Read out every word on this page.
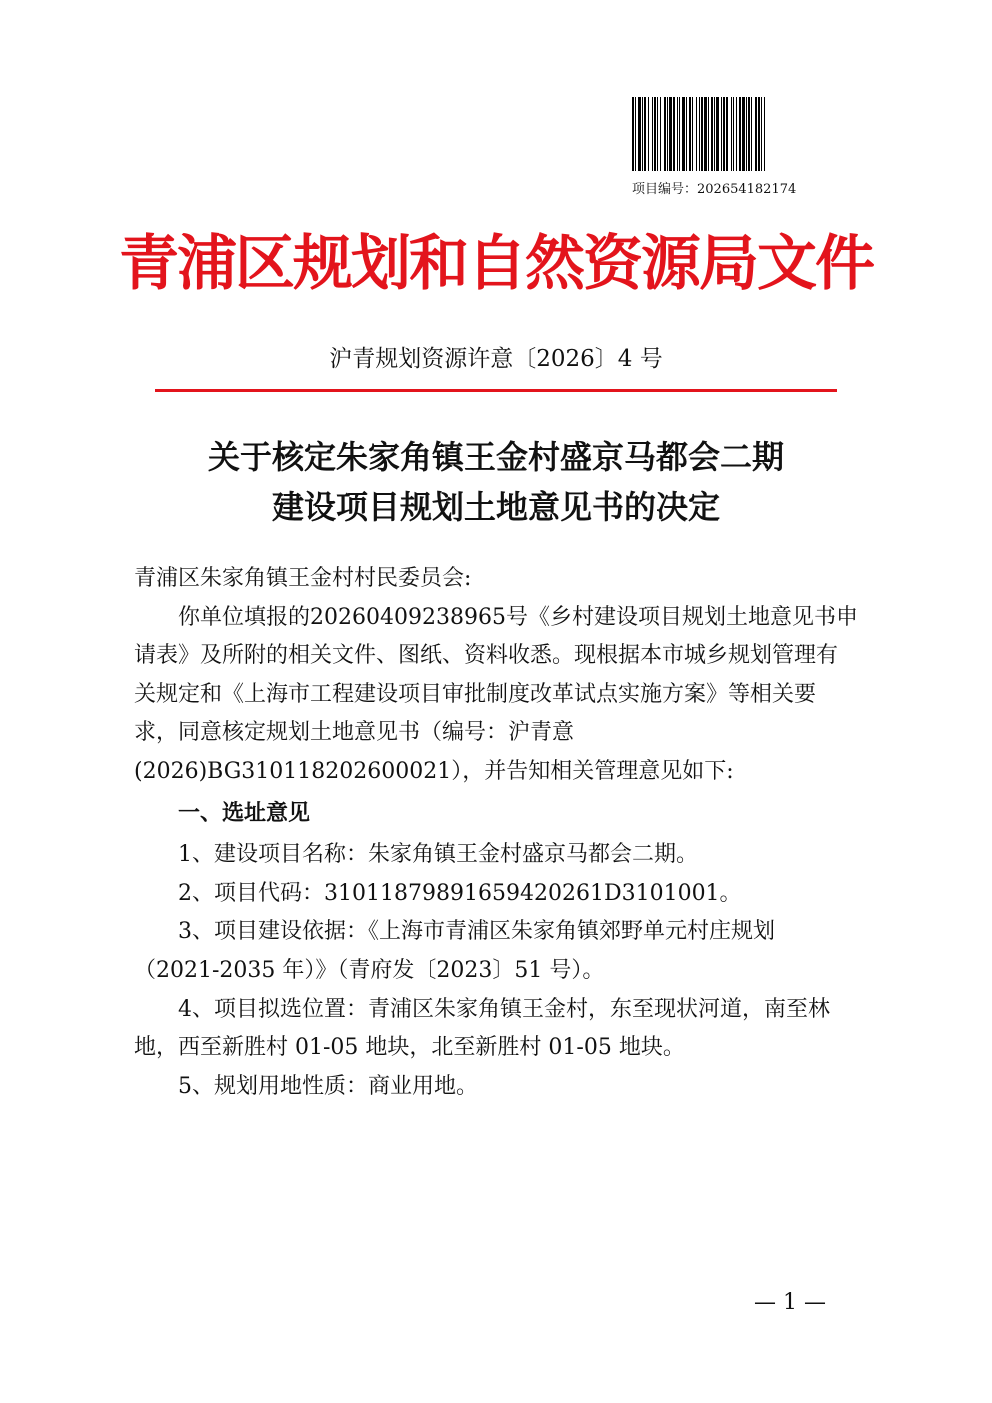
项目编号：202654182174
青浦区规划和自然资源局文件
沪青规划资源许意〔2026〕4 号
关于核定朱家角镇王金村盛京马都会二期
建设项目规划土地意见书的决定

青浦区朱家角镇王金村村民委员会:

你单位填报的20260409238965号《乡村建设项目规划土地意见书申请表》及所附的相关文件、图纸、资料收悉。现根据本市城乡规划管理有关规定和《上海市工程建设项目审批制度改革试点实施方案》等相关要求，同意核定规划土地意见书（编号：沪青意(2026)BG310118202600021），并告知相关管理意见如下:

一、选址意见

1、建设项目名称：朱家角镇王金村盛京马都会二期。

2、项目代码：31011879891659420261D3101001。

3、项目建设依据：《上海市青浦区朱家角镇郊野单元村庄规划（2021-2035 年）》（青府发〔2023〕51 号）。

4、项目拟选位置：青浦区朱家角镇王金村，东至现状河道，南至林地，西至新胜村 01-05 地块，北至新胜村 01-05 地块。

5、规划用地性质：商业用地。

— 1 —
